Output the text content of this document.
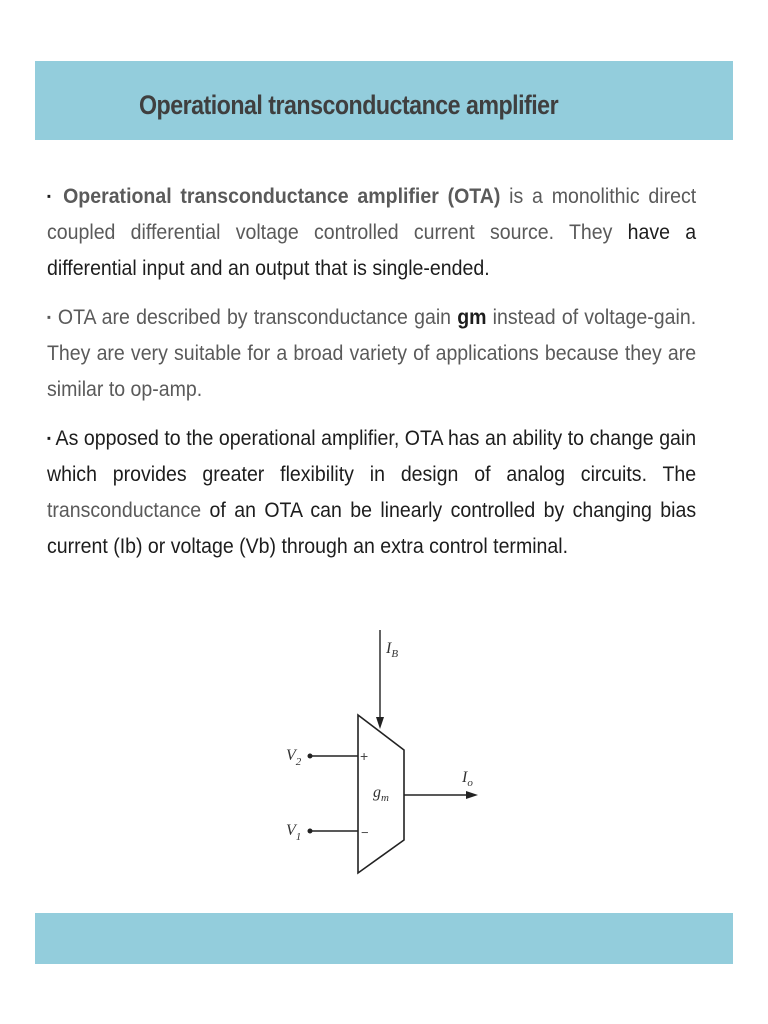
Operational transconductance amplifier

▪ Operational transconductance amplifier (OTA) is a monolithic direct coupled differential voltage controlled current source. They have a differential input and an output that is single-ended.

▪ OTA are described by transconductance gain gm instead of voltage-gain. They are very suitable for a broad variety of applications because they are similar to op-amp.

▪ As opposed to the operational amplifier, OTA has an ability to change gain which provides greater flexibility in design of analog circuits. The transconductance of an OTA can be linearly controlled by changing bias current (Ib) or voltage (Vb) through an extra control terminal.

$I_B$
$V_2$
$V_1$
+
−
$g_m$
$I_o$
